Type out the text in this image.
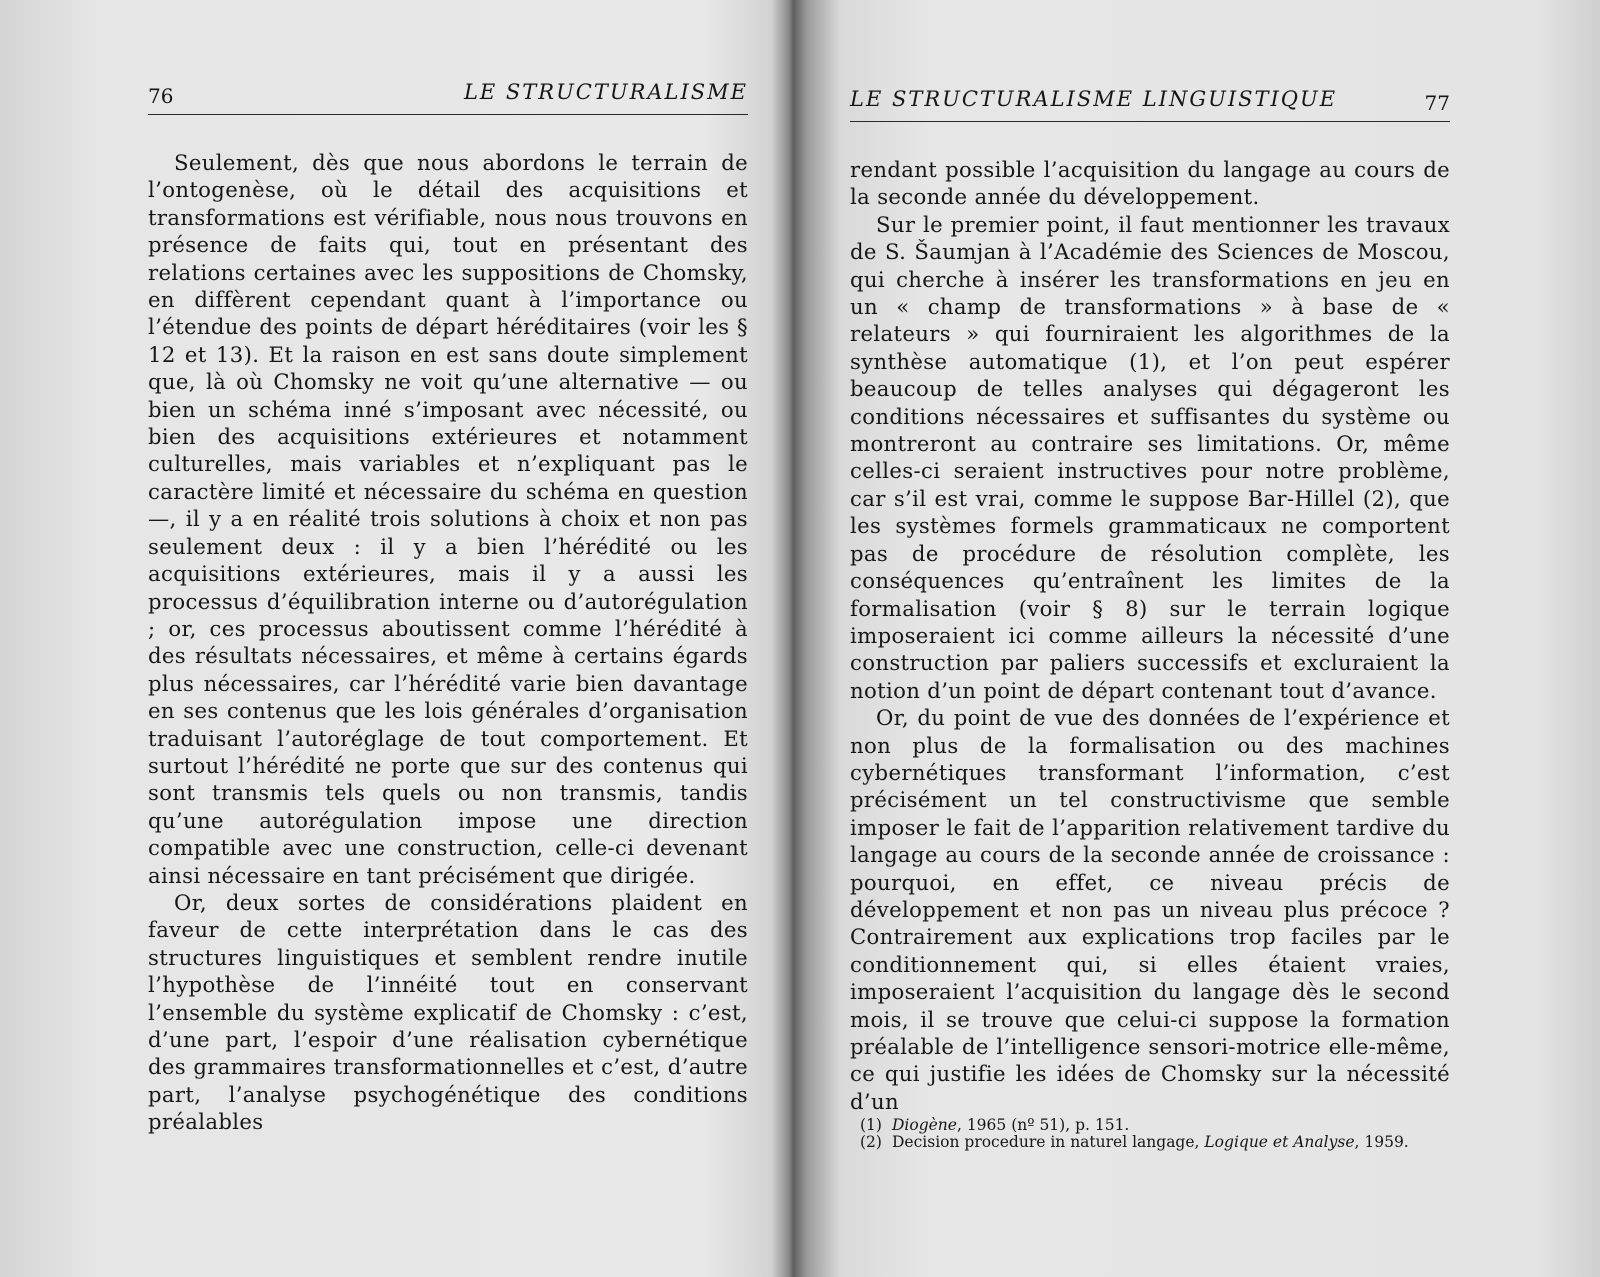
76	LE STRUCTURALISME

Seulement, dès que nous abordons le terrain de l’ontogenèse, où le détail des acquisitions et transformations est vérifiable, nous nous trouvons en présence de faits qui, tout en présentant des relations certaines avec les suppositions de Chomsky, en diffèrent cependant quant à l’importance ou l’étendue des points de départ héréditaires (voir les § 12 et 13). Et la raison en est sans doute simplement que, là où Chomsky ne voit qu’une alternative — ou bien un schéma inné s’imposant avec nécessité, ou bien des acquisitions extérieures et notamment culturelles, mais variables et n’expliquant pas le caractère limité et nécessaire du schéma en question —, il y a en réalité trois solutions à choix et non pas seulement deux : il y a bien l’hérédité ou les acquisitions extérieures, mais il y a aussi les processus d’équilibration interne ou d’autorégulation ; or, ces processus aboutissent comme l’hérédité à des résultats nécessaires, et même à certains égards plus nécessaires, car l’hérédité varie bien davantage en ses contenus que les lois générales d’organisation traduisant l’autoréglage de tout comportement. Et surtout l’hérédité ne porte que sur des contenus qui sont transmis tels quels ou non transmis, tandis qu’une autorégulation impose une direction compatible avec une construction, celle-ci devenant ainsi nécessaire en tant précisément que dirigée.

Or, deux sortes de considérations plaident en faveur de cette interprétation dans le cas des structures linguistiques et semblent rendre inutile l’hypothèse de l’innéité tout en conservant l’ensemble du système explicatif de Chomsky : c’est, d’une part, l’espoir d’une réalisation cybernétique des grammaires transformationnelles et c’est, d’autre part, l’analyse psychogénétique des conditions préalables

LE STRUCTURALISME LINGUISTIQUE	77

rendant possible l’acquisition du langage au cours de la seconde année du développement.

Sur le premier point, il faut mentionner les travaux de S. Šaumjan à l’Académie des Sciences de Moscou, qui cherche à insérer les transformations en jeu en un « champ de transformations » à base de « relateurs » qui fourniraient les algorithmes de la synthèse automatique (1), et l’on peut espérer beaucoup de telles analyses qui dégageront les conditions nécessaires et suffisantes du système ou montreront au contraire ses limitations. Or, même celles-ci seraient instructives pour notre problème, car s’il est vrai, comme le suppose Bar-Hillel (2), que les systèmes formels grammaticaux ne comportent pas de procédure de résolution complète, les conséquences qu’entraînent les limites de la formalisation (voir § 8) sur le terrain logique imposeraient ici comme ailleurs la nécessité d’une construction par paliers successifs et excluraient la notion d’un point de départ contenant tout d’avance.

Or, du point de vue des données de l’expérience et non plus de la formalisation ou des machines cybernétiques transformant l’information, c’est précisément un tel constructivisme que semble imposer le fait de l’apparition relativement tardive du langage au cours de la seconde année de croissance : pourquoi, en effet, ce niveau précis de développement et non pas un niveau plus précoce ? Contrairement aux explications trop faciles par le conditionnement qui, si elles étaient vraies, imposeraient l’acquisition du langage dès le second mois, il se trouve que celui-ci suppose la formation préalable de l’intelligence sensori-motrice elle-même, ce qui justifie les idées de Chomsky sur la nécessité d’un

(1) Diogène, 1965 (nº 51), p. 151.
(2) Decision procedure in naturel langage, Logique et Analyse, 1959.
